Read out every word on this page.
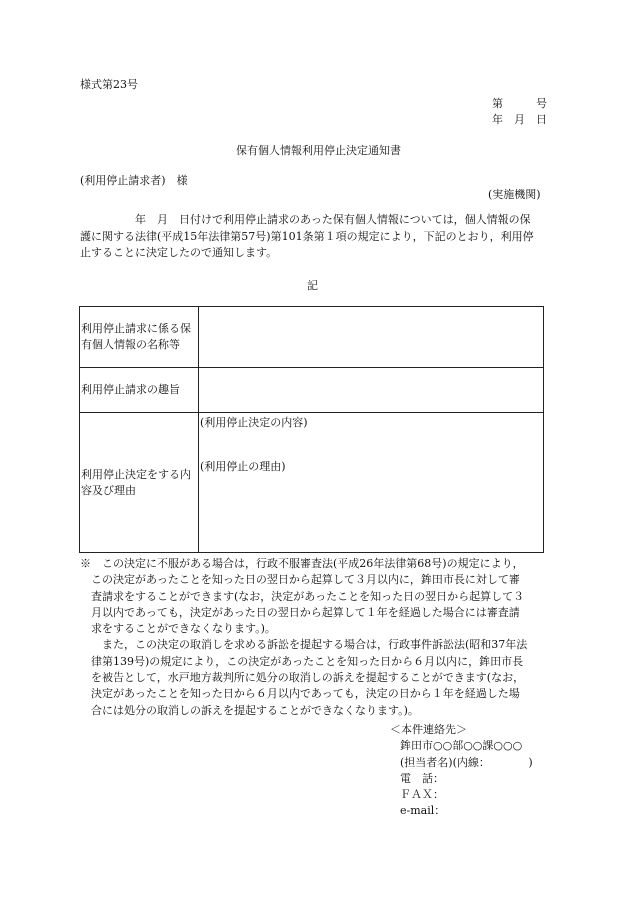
様式第23号
第　　　号
年　月　日
保有個人情報利用停止決定通知書
(利用停止請求者)　様
(実施機関)
　　　　　年　月　日付けで利用停止請求のあった保有個人情報については，個人情報の保
護に関する法律(平成15年法律第57号)第101条第１項の規定により，下記のとおり，利用停
止することに決定したので通知します。
記
利用停止請求に係る保有個人情報の名称等	
利用停止請求の趣旨	
利用停止決定をする内容及び理由	(利用停止決定の内容)
(利用停止の理由)
※　この決定に不服がある場合は，行政不服審査法(平成26年法律第68号)の規定により，
　この決定があったことを知った日の翌日から起算して３月以内に，鉾田市長に対して審
　査請求をすることができます(なお，決定があったことを知った日の翌日から起算して３
　月以内であっても，決定があった日の翌日から起算して１年を経過した場合には審査請
　求をすることができなくなります。)。
　　また，この決定の取消しを求める訴訟を提起する場合は，行政事件訴訟法(昭和37年法
　律第139号)の規定により，この決定があったことを知った日から６月以内に，鉾田市長
　を被告として，水戸地方裁判所に処分の取消しの訴えを提起することができます(なお，
　決定があったことを知った日から６月以内であっても，決定の日から１年を経過した場
　合には処分の取消しの訴えを提起することができなくなります。)。
＜本件連絡先＞
鉾田市○○部○○課○○○
(担当者名)(内線：　　　　)
電　話：
ＦＡＸ：
e-mail：
